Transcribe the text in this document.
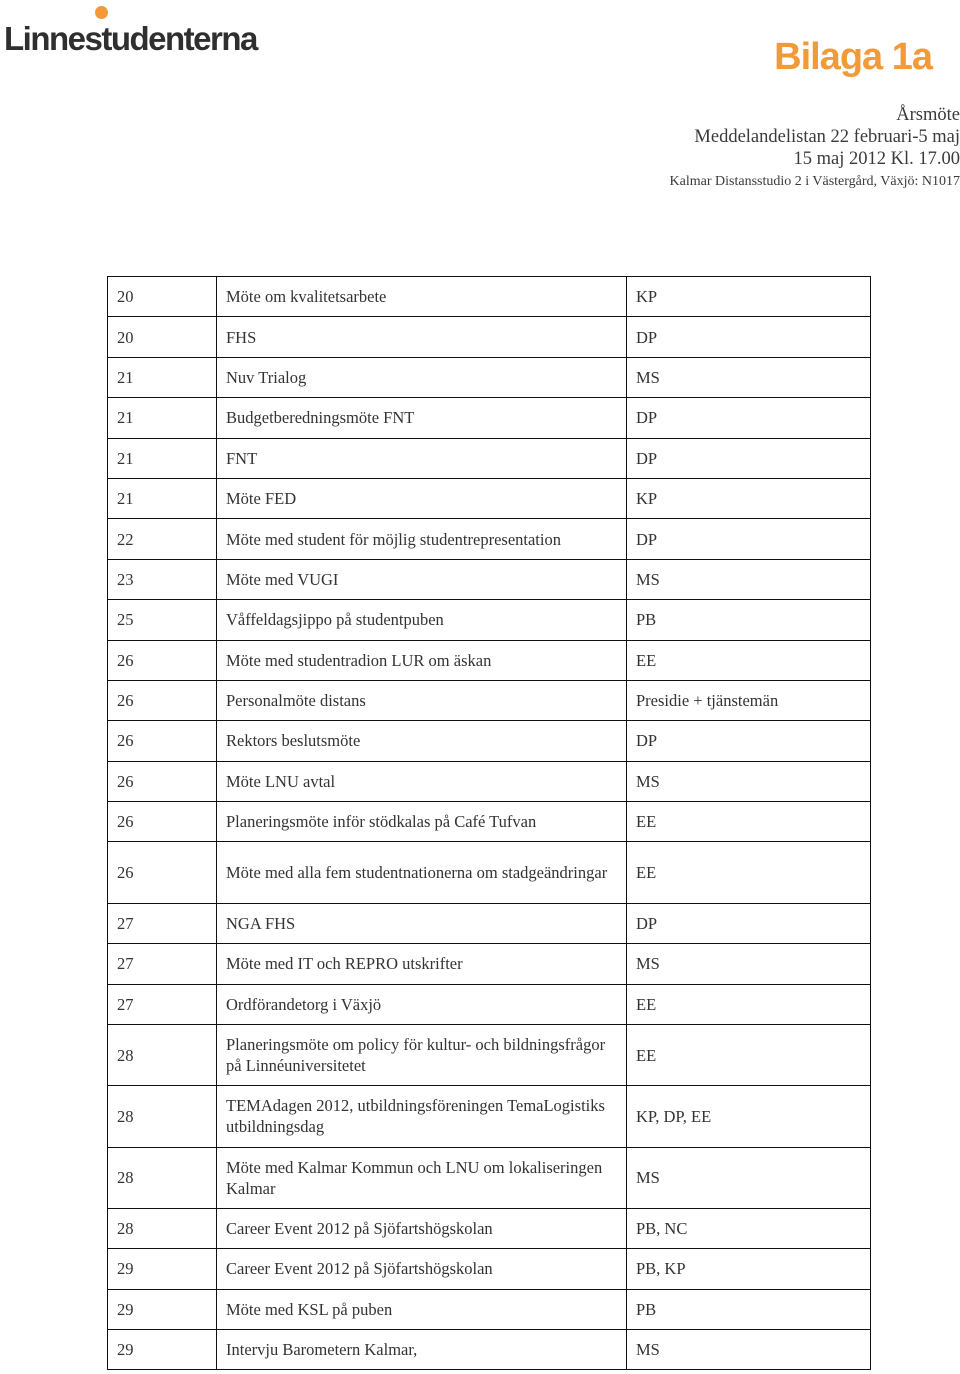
Linnestudenterna	Bilaga 1a
Årsmöte
Meddelandelistan 22 februari-5 maj
15 maj 2012 Kl. 17.00
Kalmar Distansstudio 2 i Västergård, Växjö: N1017
20	Möte om kvalitetsarbete	KP
20	FHS	DP
21	Nuv Trialog	MS
21	Budgetberedningsmöte FNT	DP
21	FNT	DP
21	Möte FED	KP
22	Möte med student för möjlig studentrepresentation	DP
23	Möte med VUGI	MS
25	Våffeldagsjippo på studentpuben	PB
26	Möte med studentradion LUR om äskan	EE
26	Personalmöte distans	Presidie + tjänstemän
26	Rektors beslutsmöte	DP
26	Möte LNU avtal	MS
26	Planeringsmöte inför stödkalas på Café Tufvan	EE
26	Möte med alla fem studentnationerna om stadgeändringar	EE
27	NGA FHS	DP
27	Möte med IT och REPRO utskrifter	MS
27	Ordförandetorg i Växjö	EE
28	Planeringsmöte om policy för kultur- och bildningsfrågor på Linnéuniversitetet	EE
28	TEMAdagen 2012, utbildningsföreningen TemaLogistiks utbildningsdag	KP, DP, EE
28	Möte med Kalmar Kommun och LNU om lokaliseringen Kalmar	MS
28	Career Event 2012 på Sjöfartshögskolan	PB, NC
29	Career Event 2012 på Sjöfartshögskolan	PB, KP
29	Möte med KSL på puben	PB
29	Intervju Barometern Kalmar,	MS
